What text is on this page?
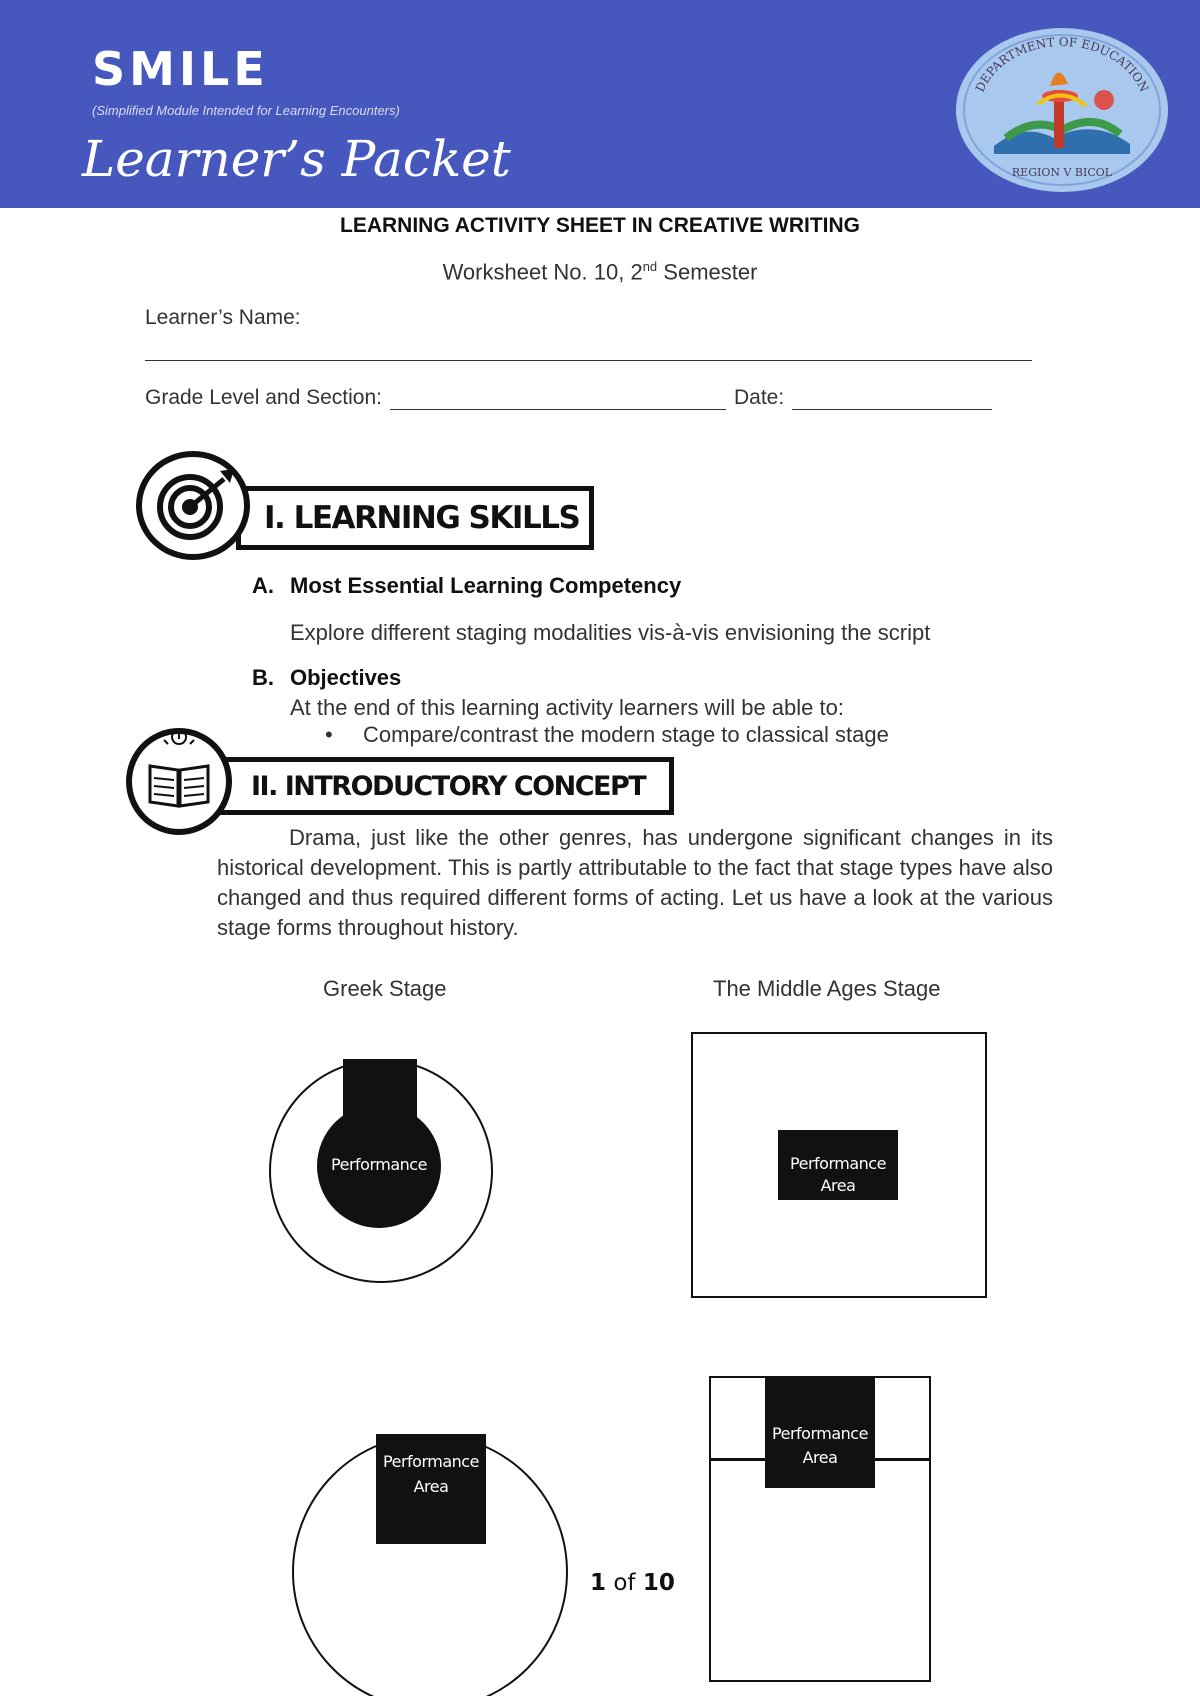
SMILE
(Simplified Module Intended for Learning Encounters)
Learner’s Packet
DEPARTMENT OF EDUCATION
REGION V BICOL
LEARNING ACTIVITY SHEET IN CREATIVE WRITING
Worksheet No. 10, 2nd Semester
Learner’s Name:
Grade Level and Section:	Date:
I. LEARNING SKILLS
A. Most Essential Learning Competency
Explore different staging modalities vis-à-vis envisioning the script
B. Objectives
At the end of this learning activity learners will be able to:
• Compare/contrast the modern stage to classical stage
II. INTRODUCTORY CONCEPT
Drama, just like the other genres, has undergone significant changes in its historical development. This is partly attributable to the fact that stage types have also changed and thus required different forms of acting. Let us have a look at the various stage forms throughout history.
Greek Stage	The Middle Ages Stage
Performance	Performance
Area
Performance
Area
Performance
Area
1 of 10
